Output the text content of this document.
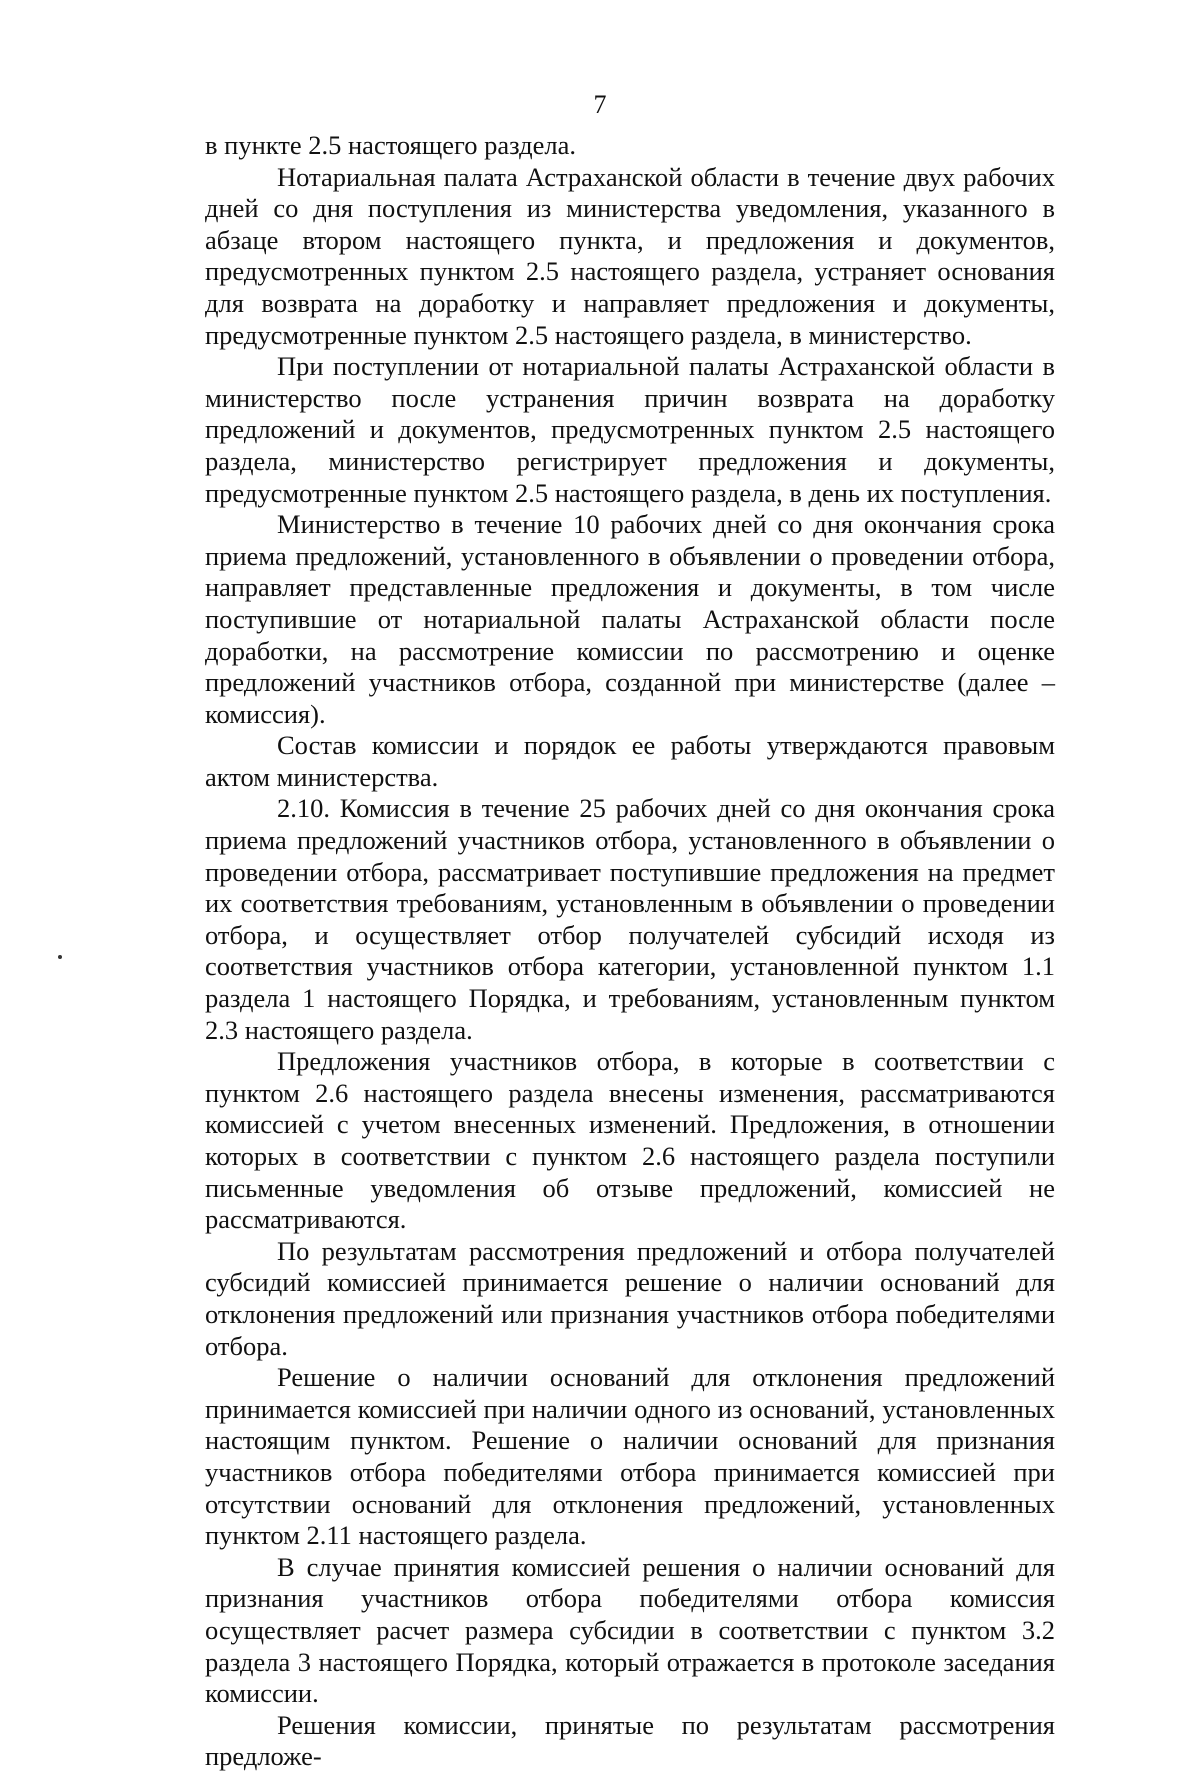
7

в пункте 2.5 настоящего раздела.

Нотариальная палата Астраханской области в течение двух рабочих дней со дня поступления из министерства уведомления, указанного в абзаце втором настоящего пункта, и предложения и документов, предусмотренных пунктом 2.5 настоящего раздела, устраняет основания для возврата на доработку и направляет предложения и документы, предусмотренные пунктом 2.5 настоящего раздела, в министерство.

При поступлении от нотариальной палаты Астраханской области в министерство после устранения причин возврата на доработку предложений и документов, предусмотренных пунктом 2.5 настоящего раздела, министерство регистрирует предложения и документы, предусмотренные пунктом 2.5 настоящего раздела, в день их поступления.

Министерство в течение 10 рабочих дней со дня окончания срока приема предложений, установленного в объявлении о проведении отбора, направляет представленные предложения и документы, в том числе поступившие от нотариальной палаты Астраханской области после доработки, на рассмотрение комиссии по рассмотрению и оценке предложений участников отбора, созданной при министерстве (далее – комиссия).

Состав комиссии и порядок ее работы утверждаются правовым актом министерства.

2.10. Комиссия в течение 25 рабочих дней со дня окончания срока приема предложений участников отбора, установленного в объявлении о проведении отбора, рассматривает поступившие предложения на предмет их соответствия требованиям, установленным в объявлении о проведении отбора, и осуществляет отбор получателей субсидий исходя из соответствия участников отбора категории, установленной пунктом 1.1 раздела 1 настоящего Порядка, и требованиям, установленным пунктом 2.3 настоящего раздела.

Предложения участников отбора, в которые в соответствии с пунктом 2.6 настоящего раздела внесены изменения, рассматриваются комиссией с учетом внесенных изменений. Предложения, в отношении которых в соответствии с пунктом 2.6 настоящего раздела поступили письменные уведомления об отзыве предложений, комиссией не рассматриваются.

По результатам рассмотрения предложений и отбора получателей субсидий комиссией принимается решение о наличии оснований для отклонения предложений или признания участников отбора победителями отбора.

Решение о наличии оснований для отклонения предложений принимается комиссией при наличии одного из оснований, установленных настоящим пунктом. Решение о наличии оснований для признания участников отбора победителями отбора принимается комиссией при отсутствии оснований для отклонения предложений, установленных пунктом 2.11 настоящего раздела.

В случае принятия комиссией решения о наличии оснований для признания участников отбора победителями отбора комиссия осуществляет расчет размера субсидии в соответствии с пунктом 3.2 раздела 3 настоящего Порядка, который отражается в протоколе заседания комиссии.

Решения комиссии, принятые по результатам рассмотрения предложе-
